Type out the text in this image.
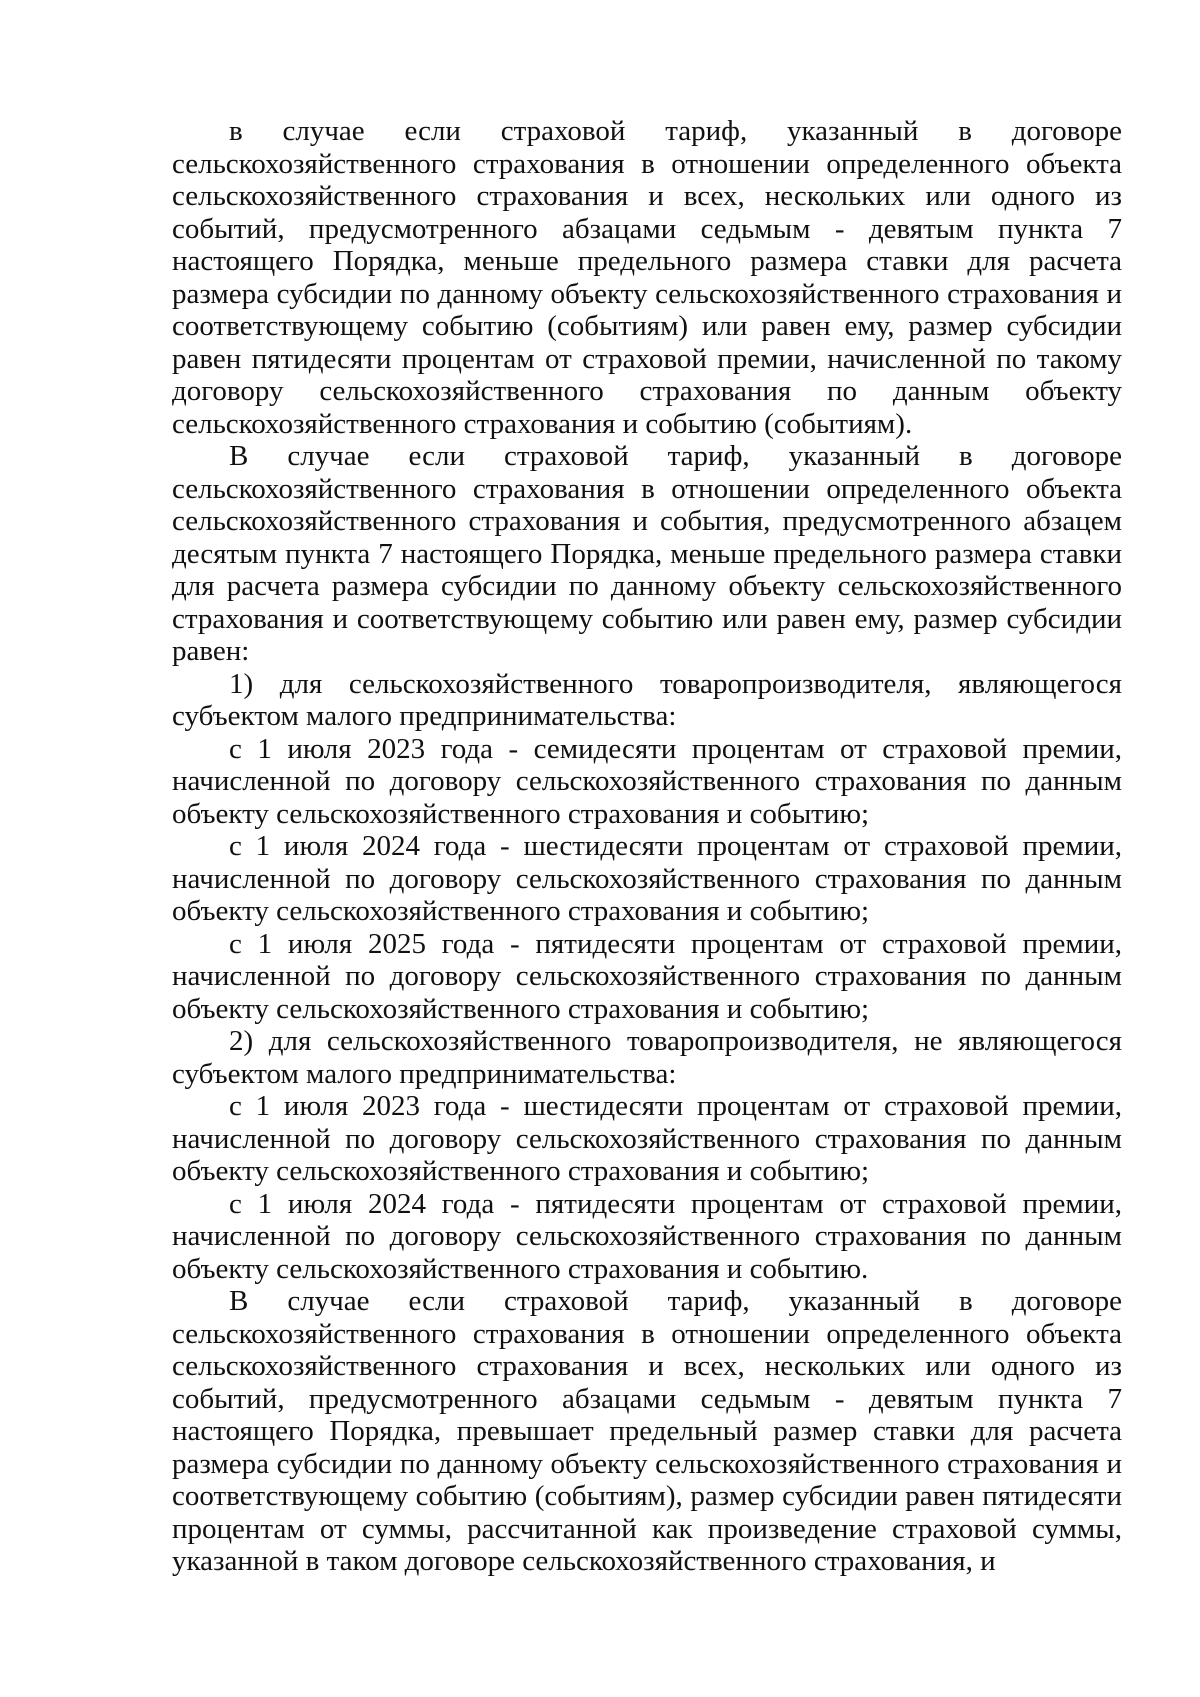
в случае если страховой тариф, указанный в договоре сельскохозяйственного страхования в отношении определенного объекта сельскохозяйственного страхования и всех, нескольких или одного из событий, предусмотренного абзацами седьмым - девятым пункта 7 настоящего Порядка, меньше предельного размера ставки для расчета размера субсидии по данному объекту сельскохозяйственного страхования и соответствующему событию (событиям) или равен ему, размер субсидии равен пятидесяти процентам от страховой премии, начисленной по такому договору сельскохозяйственного страхования по данным объекту сельскохозяйственного страхования и событию (событиям).

В случае если страховой тариф, указанный в договоре сельскохозяйственного страхования в отношении определенного объекта сельскохозяйственного страхования и события, предусмотренного абзацем десятым пункта 7 настоящего Порядка, меньше предельного размера ставки для расчета размера субсидии по данному объекту сельскохозяйственного страхования и соответствующему событию или равен ему, размер субсидии равен:

1) для сельскохозяйственного товаропроизводителя, являющегося субъектом малого предпринимательства:

с 1 июля 2023 года - семидесяти процентам от страховой премии, начисленной по договору сельскохозяйственного страхования по данным объекту сельскохозяйственного страхования и событию;

с 1 июля 2024 года - шестидесяти процентам от страховой премии, начисленной по договору сельскохозяйственного страхования по данным объекту сельскохозяйственного страхования и событию;

с 1 июля 2025 года - пятидесяти процентам от страховой премии, начисленной по договору сельскохозяйственного страхования по данным объекту сельскохозяйственного страхования и событию;

2) для сельскохозяйственного товаропроизводителя, не являющегося субъектом малого предпринимательства:

с 1 июля 2023 года - шестидесяти процентам от страховой премии, начисленной по договору сельскохозяйственного страхования по данным объекту сельскохозяйственного страхования и событию;

с 1 июля 2024 года - пятидесяти процентам от страховой премии, начисленной по договору сельскохозяйственного страхования по данным объекту сельскохозяйственного страхования и событию.

В случае если страховой тариф, указанный в договоре сельскохозяйственного страхования в отношении определенного объекта сельскохозяйственного страхования и всех, нескольких или одного из событий, предусмотренного абзацами седьмым - девятым пункта 7 настоящего Порядка, превышает предельный размер ставки для расчета размера субсидии по данному объекту сельскохозяйственного страхования и соответствующему событию (событиям), размер субсидии равен пятидесяти процентам от суммы, рассчитанной как произведение страховой суммы, указанной в таком договоре сельскохозяйственного страхования, и
